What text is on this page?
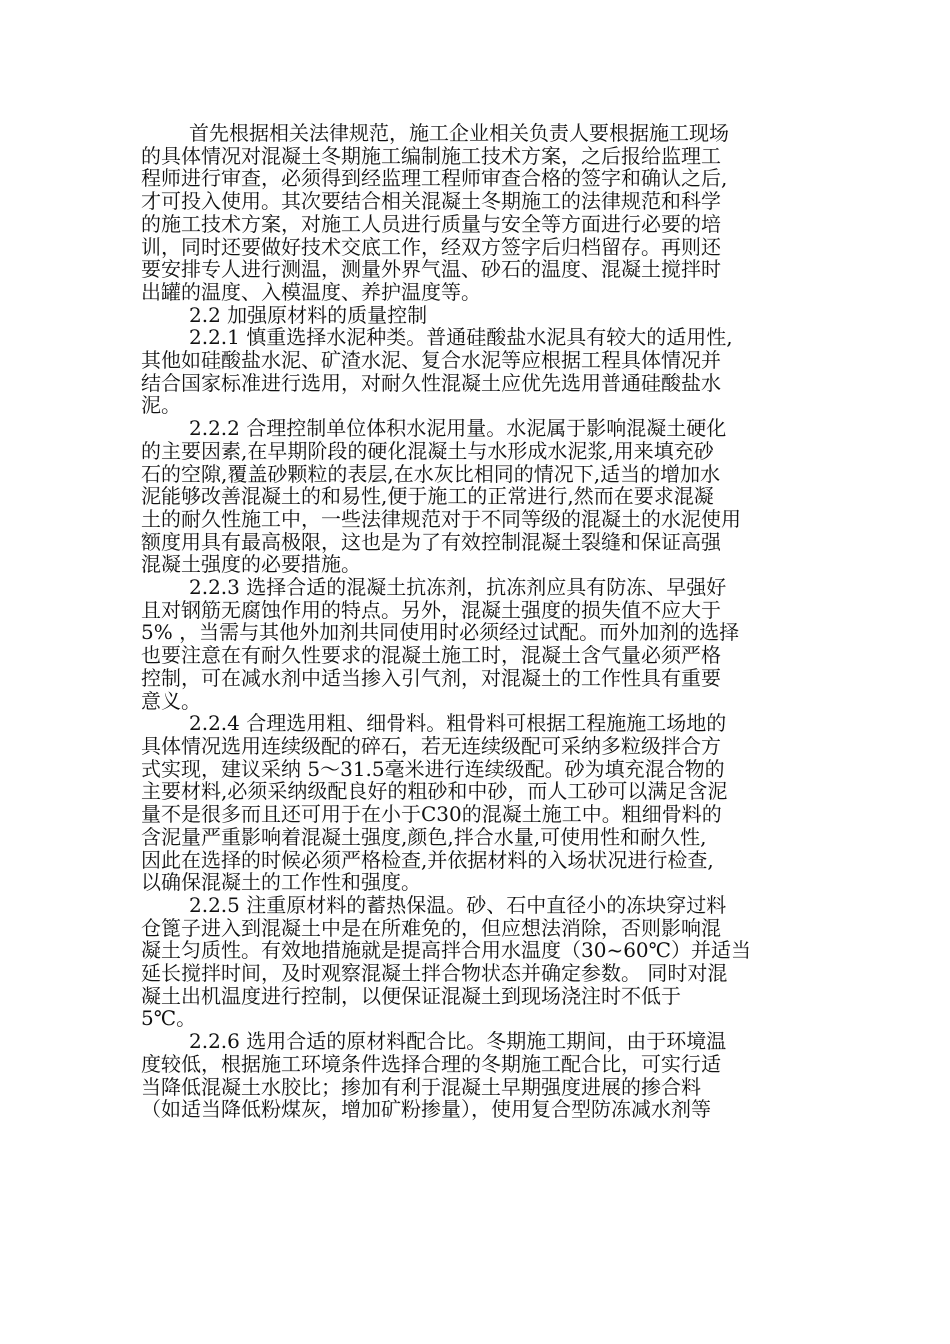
首先根据相关法律规范，施工企业相关负责人要根据施工现场
的具体情况对混凝土冬期施工编制施工技术方案，之后报给监理工
程师进行审查，必须得到经监理工程师审查合格的签字和确认之后,
才可投入使用。其次要结合相关混凝土冬期施工的法律规范和科学
的施工技术方案，对施工人员进行质量与安全等方面进行必要的培
训，同时还要做好技术交底工作，经双方签字后归档留存。再则还
要安排专人进行测温，测量外界气温、砂石的温度、混凝土搅拌时
出罐的温度、入模温度、养护温度等。
2.2 加强原材料的质量控制
2.2.1 慎重选择水泥种类。普通硅酸盐水泥具有较大的适用性,
其他如硅酸盐水泥、矿渣水泥、复合水泥等应根据工程具体情况并
结合国家标准进行选用，对耐久性混凝土应优先选用普通硅酸盐水
泥。
2.2.2 合理控制单位体积水泥用量。水泥属于影响混凝土硬化
的主要因素,在早期阶段的硬化混凝土与水形成水泥浆,用来填充砂
石的空隙,覆盖砂颗粒的表层,在水灰比相同的情况下,适当的增加水
泥能够改善混凝土的和易性,便于施工的正常进行,然而在要求混凝
土的耐久性施工中，一些法律规范对于不同等级的混凝土的水泥使用
额度用具有最高极限，这也是为了有效控制混凝土裂缝和保证高强
混凝土强度的必要措施。
2.2.3 选择合适的混凝土抗冻剂，抗冻剂应具有防冻、早强好
且对钢筋无腐蚀作用的特点。另外，混凝土强度的损失值不应大于
5% ，当需与其他外加剂共同使用时必须经过试配。而外加剂的选择
也要注意在有耐久性要求的混凝土施工时，混凝土含气量必须严格
控制，可在减水剂中适当掺入引气剂，对混凝土的工作性具有重要
意义。
2.2.4 合理选用粗、细骨料。粗骨料可根据工程施施工场地的
具体情况选用连续级配的碎石，若无连续级配可采纳多粒级拌合方
式实现，建议采纳 5～31.5毫米进行连续级配。砂为填充混合物的
主要材料,必须采纳级配良好的粗砂和中砂，而人工砂可以满足含泥
量不是很多而且还可用于在小于C30的混凝土施工中。粗细骨料的
含泥量严重影响着混凝土强度,颜色,拌合水量,可使用性和耐久性,
因此在选择的时候必须严格检查,并依据材料的入场状况进行检查,
以确保混凝土的工作性和强度。
2.2.5 注重原材料的蓄热保温。砂、石中直径小的冻块穿过料
仓篦子进入到混凝土中是在所难免的，但应想法消除，否则影响混
凝土匀质性。有效地措施就是提高拌合用水温度（30~60℃）并适当
延长搅拌时间，及时观察混凝土拌合物状态并确定参数。 同时对混
凝土出机温度进行控制，以便保证混凝土到现场浇注时不低于
5℃。
2.2.6 选用合适的原材料配合比。冬期施工期间，由于环境温
度较低，根据施工环境条件选择合理的冬期施工配合比，可实行适
当降低混凝土水胶比；掺加有利于混凝土早期强度进展的掺合料
（如适当降低粉煤灰，增加矿粉掺量），使用复合型防冻减水剂等
